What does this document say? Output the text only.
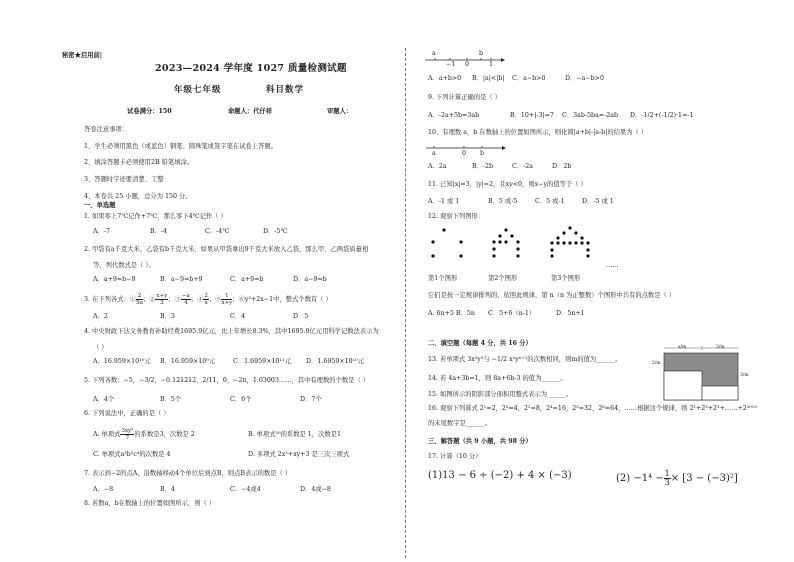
秘密★启用前|
2023—2024 学年度 1027 质量检测试题
年级七年级	科目数学
试卷满分：150	命题人：代仔祥	审题人：
答卷注意事项：
1、学生必须用黑色（或蓝色）钢笔、圆珠笔或签字笔在试卷上答题。
2、填涂答题卡必须使用2B 铅笔填涂。
3、答题时字迹要清楚、工整
4、本卷共 25 小题，总分为 150 分。
一、单选题
1. 如果零上7℃记作+7℃，那么零下4℃记作（ ）
A．-7	B．-4	C．-4℃	D．-5℃
2. 甲袋有a千克大米，乙袋有b千克大米，如果从甲袋拿出9千克大米放入乙袋，那么甲、乙两袋质量相
等，列代数式是（ ）。
A．a+9=b−9	B．a−9=b+9	C．a+9=b	D．a−9=b
3. 在下列各式：① $\frac{2}{5a}$ ；② $\frac{x+y}{3}$ ；③ $\frac{-a}{4}$ ；④ $\frac{2}{x}$ ；⑤ $\frac{1}{x+y}$ ；⑥y²+2x−1中，整式个数有（ ）
A．2	B．3	C．4	D．5
4. 中央财政下达义务教育补助经费1695.9亿元，比上年增长8.3%，其中1695.9亿元用科学记数法表示为
（ ）
A．16.959×10¹⁰元 B．16.959×10⁹元	C．1.6959×10¹¹元 D．1.6959×10¹⁰元
5. 下列各数：−5，−3/2，−0.121212，2/11，0，−2π，1.03003……，其中有理数的个数是（ ）
A．4个	B．5个	C．6个	D．7个
6. 下列说法中，正确的是（ ）
A. 单项式 $\frac{\text{3xy²}}{7}$ 的系数是3，次数是 2	B. 单项式²⁰的系数是 1，次数是1
C. 单项式a³b⁵c⁴的次数是 4	D. 多项式 2x²+xy+3 是三次三项式
7. 表示到−2的点A，沿数轴移动4个单位后到点B，则点B表示的数是（ ）
A．−8	B．4	C．−4或4	D．4或−8
8. 若数a，b在数轴上的位置如图所示，则（ ）
a
−1 0
b
1
A．a+b>0 B．|a|<|b| C．a−b>0	D．−a−b>0
9. 下列计算正确的是（ ）
A．-2a+5b=3ab	B．10+|-3|=7 C．3ab-5ba=-2ab D．-1/2+(-1/2)·1=-1
10、有理数 a，b 在数轴上的位置如图所示，则化简|a+b|-|a-b|的结果为（ ）
a	0 b
A．2a	B．-2b	C．-2a	D．2b
11. 已知|x|=3，|y|=2，且xy<0，则x−y的值等于（ ）
A．-1 或 1	B．5 或-5	C．5 或-1	D．-5 或 1
12. 观察下列图形：
第1个图形	第2个图形	第3个图形
……
它们是按一定规律排列的，依照此规律，第 n（n 为正整数）个图形中共有的点数是（ ）
A. 6n+5 B．5n C．5+6（n-1）	D．5n+1
二、填空题（每题 4 分，共 16 分）
13. 若单项式 3x²y³与 −1/2 x²yⁿ⁺¹的次数相同，则m的值为______。
14. 若 4a+3b=1，则 8a+6b-3 的值为______。
15. 如图所示的阴影部分面积用整式表示为______。
16. 观察下列算式 2¹=2，2²=4，2³=8，2⁴=16，2⁵=32，2⁶=64，……根据这个规律，则 2¹+2²+2³+……+2²⁰¹⁹
的末尾数字是______。
x/m	3/m
2/m
3/m
三、解答题（共 9 小题，共 98 分）
17. 计算（10 分）
(1)13 − 6 ÷ (−2) + 4 × (−3)	$(2) -1^4 - \frac{1}{3} \times [3 - (-3)^2]$
